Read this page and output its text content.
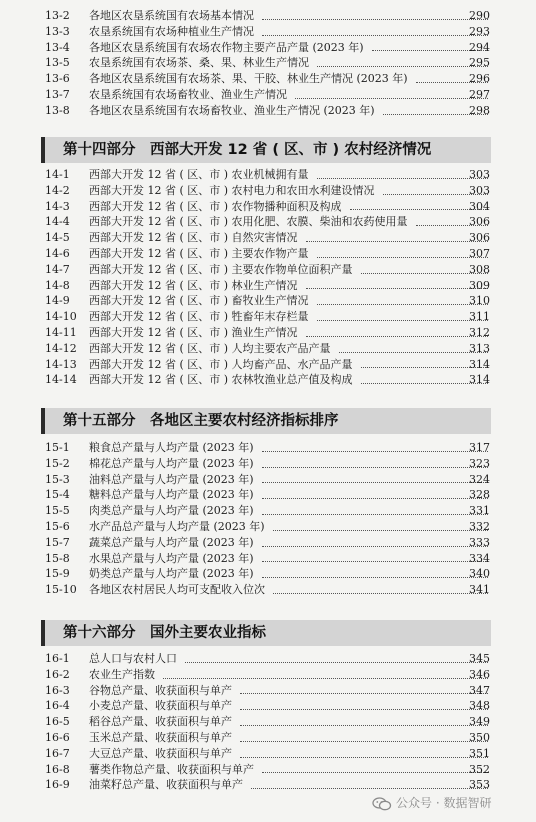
13-2	各地区农垦系统国有农场基本情况	290
13-3	农垦系统国有农场种植业生产情况	293
13-4	各地区农垦系统国有农场农作物主要产品产量 (2023 年)	294
13-5	农垦系统国有农场茶、桑、果、林业生产情况	295
13-6	各地区农垦系统国有农场茶、果、干胶、林业生产情况 (2023 年)	296
13-7	农垦系统国有农场畜牧业、渔业生产情况	297
13-8	各地区农垦系统国有农场畜牧业、渔业生产情况 (2023 年)	298
第十四部分　西部大开发 12 省 ( 区、市 ) 农村经济情况
14-1	西部大开发 12 省 ( 区、市 ) 农业机械拥有量	303
14-2	西部大开发 12 省 ( 区、市 ) 农村电力和农田水利建设情况	303
14-3	西部大开发 12 省 ( 区、市 ) 农作物播种面积及构成	304
14-4	西部大开发 12 省 ( 区、市 ) 农用化肥、农膜、柴油和农药使用量	306
14-5	西部大开发 12 省 ( 区、市 ) 自然灾害情况	306
14-6	西部大开发 12 省 ( 区、市 ) 主要农作物产量	307
14-7	西部大开发 12 省 ( 区、市 ) 主要农作物单位面积产量	308
14-8	西部大开发 12 省 ( 区、市 ) 林业生产情况	309
14-9	西部大开发 12 省 ( 区、市 ) 畜牧业生产情况	310
14-10	西部大开发 12 省 ( 区、市 ) 牲畜年末存栏量	311
14-11	西部大开发 12 省 ( 区、市 ) 渔业生产情况	312
14-12	西部大开发 12 省 ( 区、市 ) 人均主要农产品产量	313
14-13	西部大开发 12 省 ( 区、市 ) 人均畜产品、水产品产量	314
14-14	西部大开发 12 省 ( 区、市 ) 农林牧渔业总产值及构成	314
第十五部分　各地区主要农村经济指标排序
15-1	粮食总产量与人均产量 (2023 年)	317
15-2	棉花总产量与人均产量 (2023 年)	323
15-3	油料总产量与人均产量 (2023 年)	324
15-4	糖料总产量与人均产量 (2023 年)	328
15-5	肉类总产量与人均产量 (2023 年)	331
15-6	水产品总产量与人均产量 (2023 年)	332
15-7	蔬菜总产量与人均产量 (2023 年)	333
15-8	水果总产量与人均产量 (2023 年)	334
15-9	奶类总产量与人均产量 (2023 年)	340
15-10	各地区农村居民人均可支配收入位次	341
第十六部分　国外主要农业指标
16-1	总人口与农村人口	345
16-2	农业生产指数	346
16-3	谷物总产量、收获面积与单产	347
16-4	小麦总产量、收获面积与单产	348
16-5	稻谷总产量、收获面积与单产	349
16-6	玉米总产量、收获面积与单产	350
16-7	大豆总产量、收获面积与单产	351
16-8	薯类作物总产量、收获面积与单产	352
16-9	油菜籽总产量、收获面积与单产	353
公众号 · 数据智研
